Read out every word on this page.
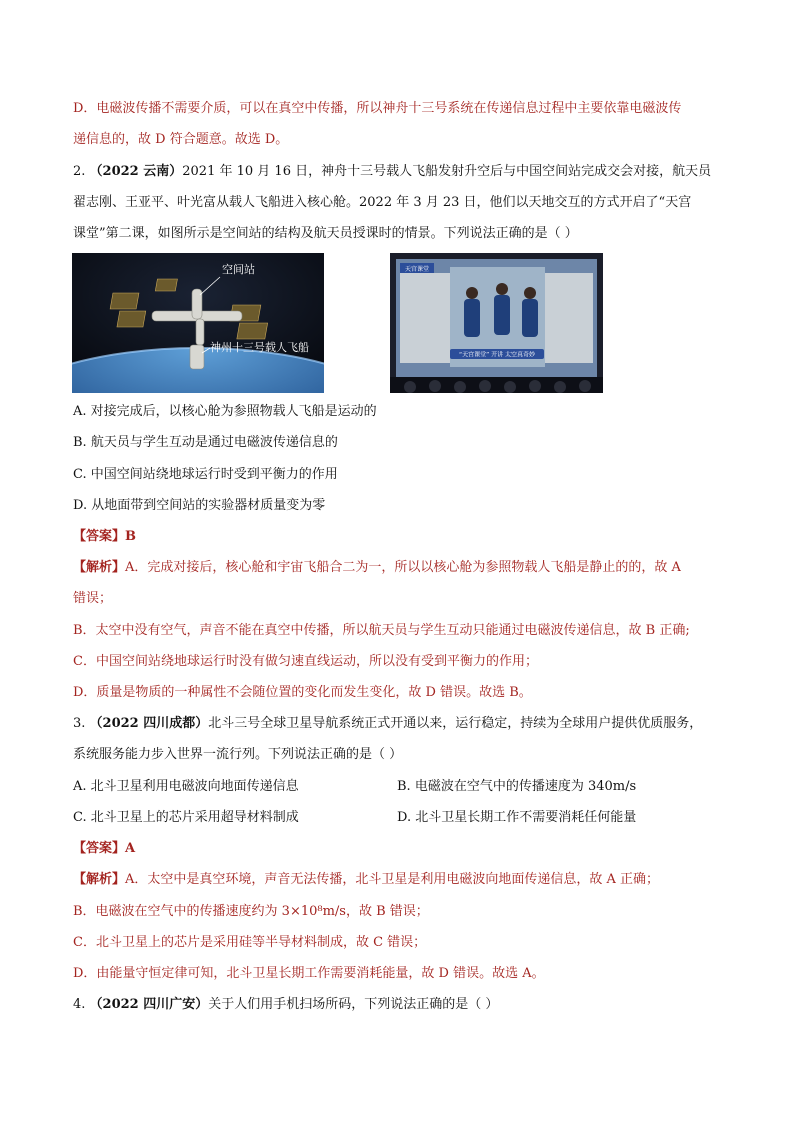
D．电磁波传播不需要介质，可以在真空中传播，所以神舟十三号系统在传递信息过程中主要依靠电磁波传
递信息的，故 D 符合题意。故选 D。
2. （2022 云南）2021 年 10 月 16 日，神舟十三号载人飞船发射升空后与中国空间站完成交会对接，航天员
翟志刚、王亚平、叶光富从载人飞船进入核心舱。2022 年 3 月 23 日，他们以天地交互的方式开启了“天宫
课堂”第二课，如图所示是空间站的结构及航天员授课时的情景。下列说法正确的是（ ）
空间站
神州十三号载人飞船
天宫课堂
“天宫课堂” 开讲 太空真奇妙
A. 对接完成后，以核心舱为参照物载人飞船是运动的
B. 航天员与学生互动是通过电磁波传递信息的
C. 中国空间站绕地球运行时受到平衡力的作用
D. 从地面带到空间站的实验器材质量变为零
【答案】B
【解析】A．完成对接后，核心舱和宇宙飞船合二为一，所以以核心舱为参照物载人飞船是静止的的，故 A
错误；
B．太空中没有空气，声音不能在真空中传播，所以航天员与学生互动只能通过电磁波传递信息，故 B 正确;
C．中国空间站绕地球运行时没有做匀速直线运动，所以没有受到平衡力的作用；
D．质量是物质的一种属性不会随位置的变化而发生变化，故 D 错误。故选 B。
3. （2022 四川成都）北斗三号全球卫星导航系统正式开通以来，运行稳定，持续为全球用户提供优质服务，
系统服务能力步入世界一流行列。下列说法正确的是（ ）
A. 北斗卫星利用电磁波向地面传递信息	B. 电磁波在空气中的传播速度为 340m/s
C. 北斗卫星上的芯片采用超导材料制成	D. 北斗卫星长期工作不需要消耗任何能量
【答案】A
【解析】A．太空中是真空环境，声音无法传播，北斗卫星是利用电磁波向地面传递信息，故 A 正确；
B．电磁波在空气中的传播速度约为 3×10⁸m/s，故 B 错误；
C．北斗卫星上的芯片是采用硅等半导材料制成，故 C 错误；
D．由能量守恒定律可知，北斗卫星长期工作需要消耗能量，故 D 错误。故选 A。
4. （2022 四川广安）关于人们用手机扫场所码，下列说法正确的是（ ）
